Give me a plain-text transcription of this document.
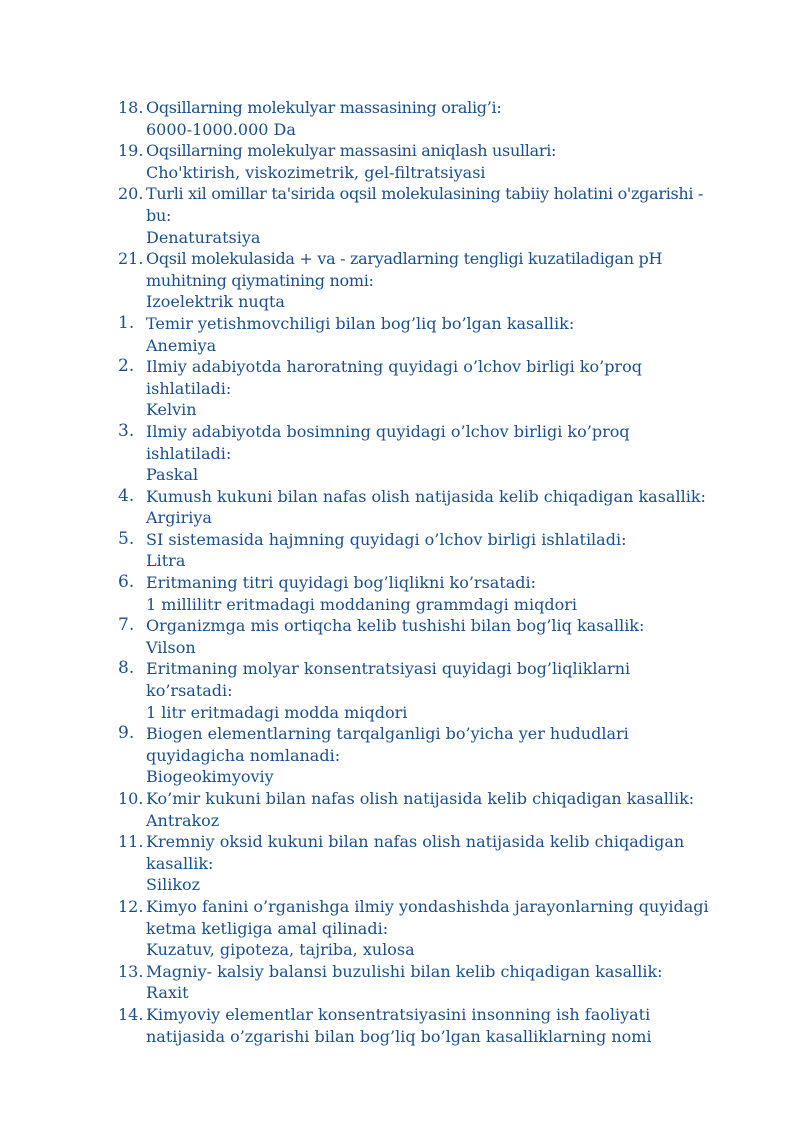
18. Oqsillarning molekulyar massasining oralig’i:
6000-1000.000 Da
19. Oqsillarning molekulyar massasini aniqlash usullari:
Cho'ktirish, viskozimetrik, gel-filtratsiyasi
20. Turli xil omillar ta'sirida oqsil molekulasining tabiiy holatini o'zgarishi - bu:
Denaturatsiya
21. Oqsil molekulasida + va - zaryadlarning tengligi kuzatiladigan pH muhitning qiymatining nomi:
Izoelektrik nuqta
1. Temir yetishmovchiligi bilan bog’liq bo’lgan kasallik:
Anemiya
2. Ilmiy adabiyotda haroratning quyidagi o’lchov birligi ko’proq ishlatiladi:
Kelvin
3. Ilmiy adabiyotda bosimning quyidagi o’lchov birligi ko’proq ishlatiladi:
Paskal
4. Kumush kukuni bilan nafas olish natijasida kelib chiqadigan kasallik:
Argiriya
5. SI sistemasida hajmning quyidagi o’lchov birligi ishlatiladi:
Litra
6. Eritmaning titri quyidagi bog’liqlikni ko’rsatadi:
1 millilitr eritmadagi moddaning grammdagi miqdori
7. Organizmga mis ortiqcha kelib tushishi bilan bog’liq kasallik:
Vilson
8. Eritmaning molyar konsentratsiyasi quyidagi bog’liqliklarni ko’rsatadi:
1 litr eritmadagi modda miqdori
9. Biogen elementlarning tarqalganligi bo’yicha yer hududlari quyidagicha nomlanadi:
Biogeokimyoviy
10. Ko’mir kukuni bilan nafas olish natijasida kelib chiqadigan kasallik:
Antrakoz
11. Kremniy oksid kukuni bilan nafas olish natijasida kelib chiqadigan kasallik:
Silikoz
12. Kimyo fanini o’rganishga ilmiy yondashishda jarayonlarning quyidagi ketma ketligiga amal qilinadi:
Kuzatuv, gipoteza, tajriba, xulosa
13. Magniy- kalsiy balansi buzulishi bilan kelib chiqadigan kasallik:
Raxit
14. Kimyoviy elementlar konsentratsiyasini insonning ish faoliyati natijasida o’zgarishi bilan bog’liq bo’lgan kasalliklarning nomi
